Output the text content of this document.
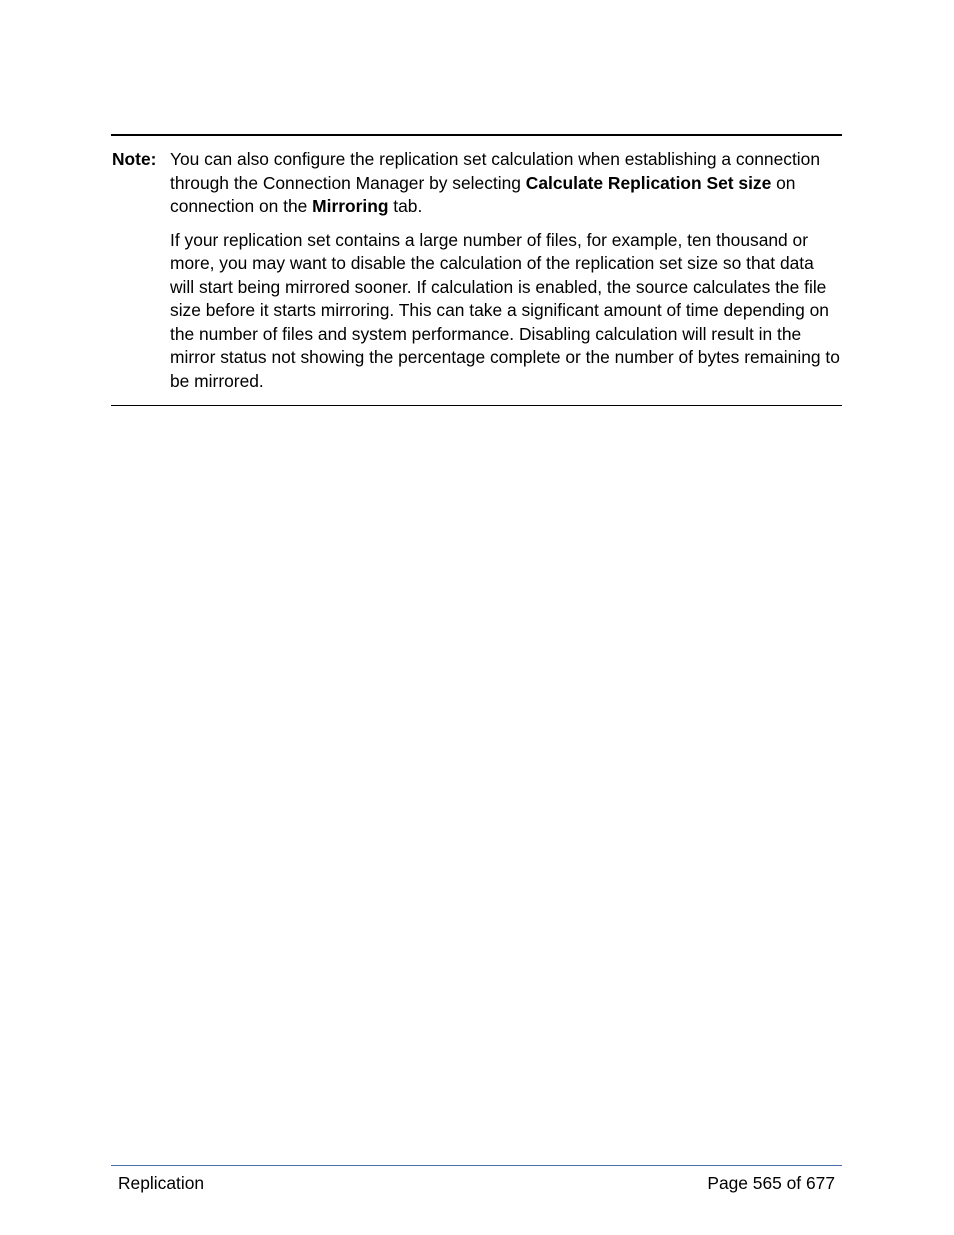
Note: You can also configure the replication set calculation when establishing a connection through the Connection Manager by selecting Calculate Replication Set size on connection on the Mirroring tab.

If your replication set contains a large number of files, for example, ten thousand or more, you may want to disable the calculation of the replication set size so that data will start being mirrored sooner. If calculation is enabled, the source calculates the file size before it starts mirroring. This can take a significant amount of time depending on the number of files and system performance. Disabling calculation will result in the mirror status not showing the percentage complete or the number of bytes remaining to be mirrored.

Replication	Page 565 of 677
